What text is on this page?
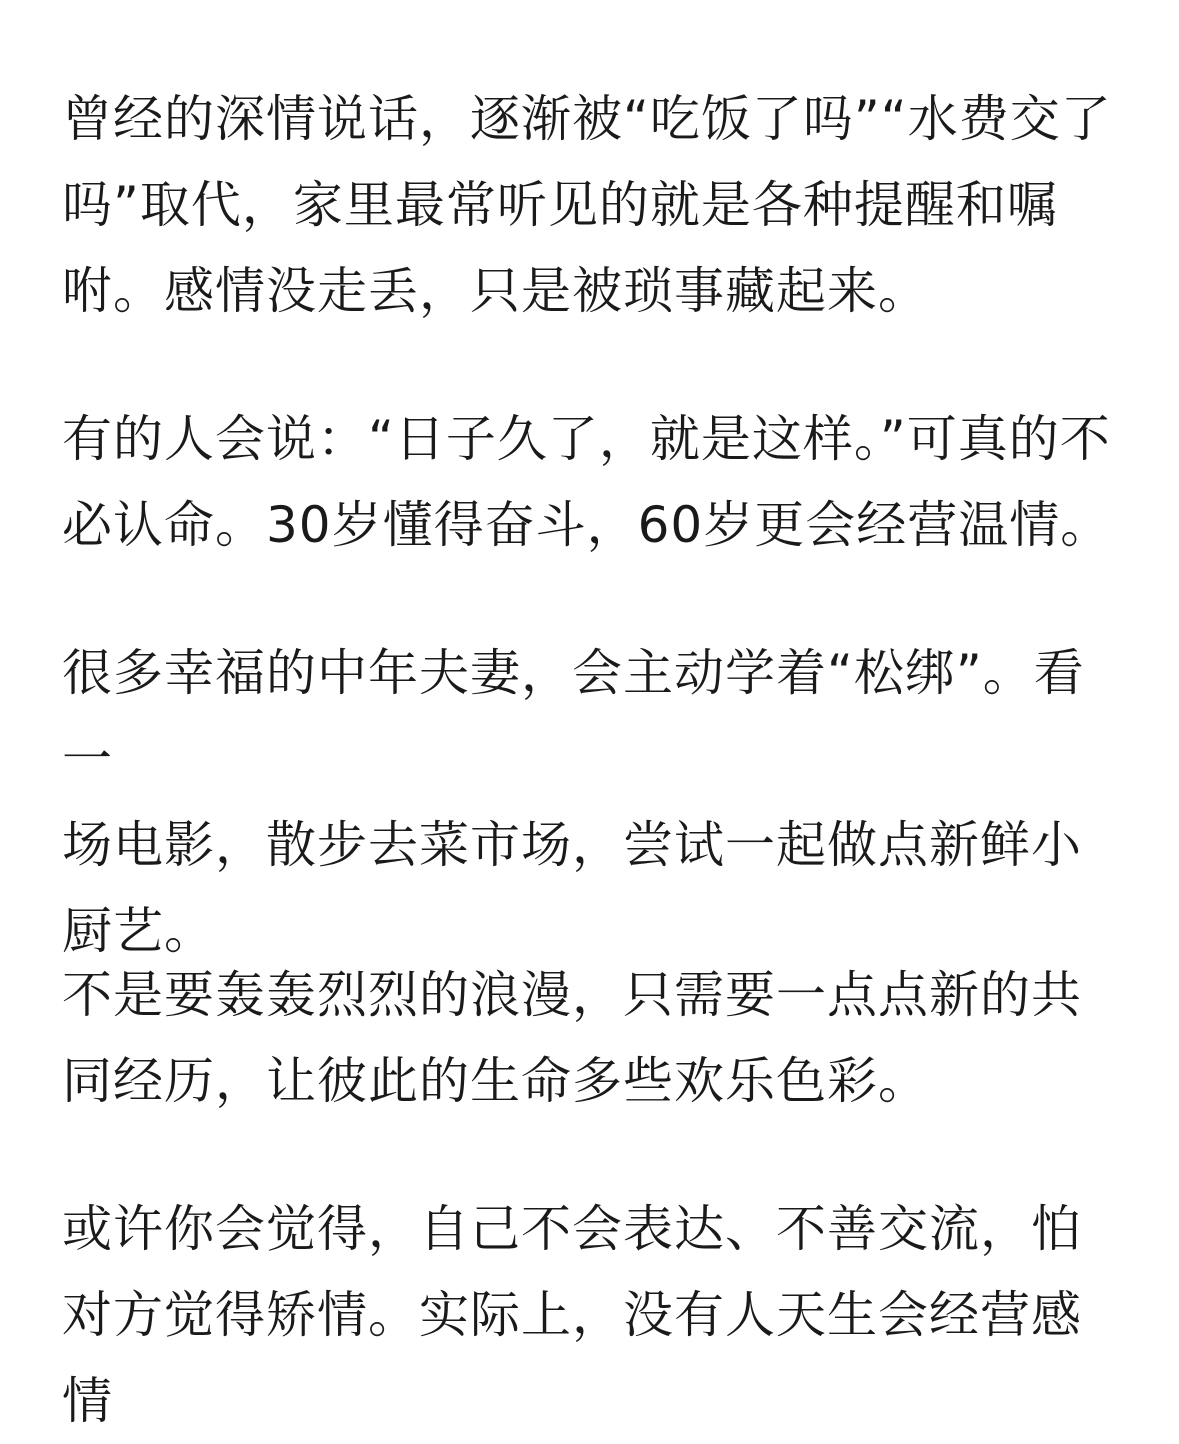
曾经的深情说话，逐渐被“吃饭了吗”“水费交了
吗”取代，家里最常听见的就是各种提醒和嘱
咐。感情没走丢，只是被琐事藏起来。

有的人会说：“日子久了，就是这样。”可真的不
必认命。30岁懂得奋斗，60岁更会经营温情。

很多幸福的中年夫妻，会主动学着“松绑”。看一
场电影，散步去菜市场，尝试一起做点新鲜小
厨艺。

不是要轰轰烈烈的浪漫，只需要一点点新的共
同经历，让彼此的生命多些欢乐色彩。

或许你会觉得，自己不会表达、不善交流，怕
对方觉得矫情。实际上，没有人天生会经营感
情
